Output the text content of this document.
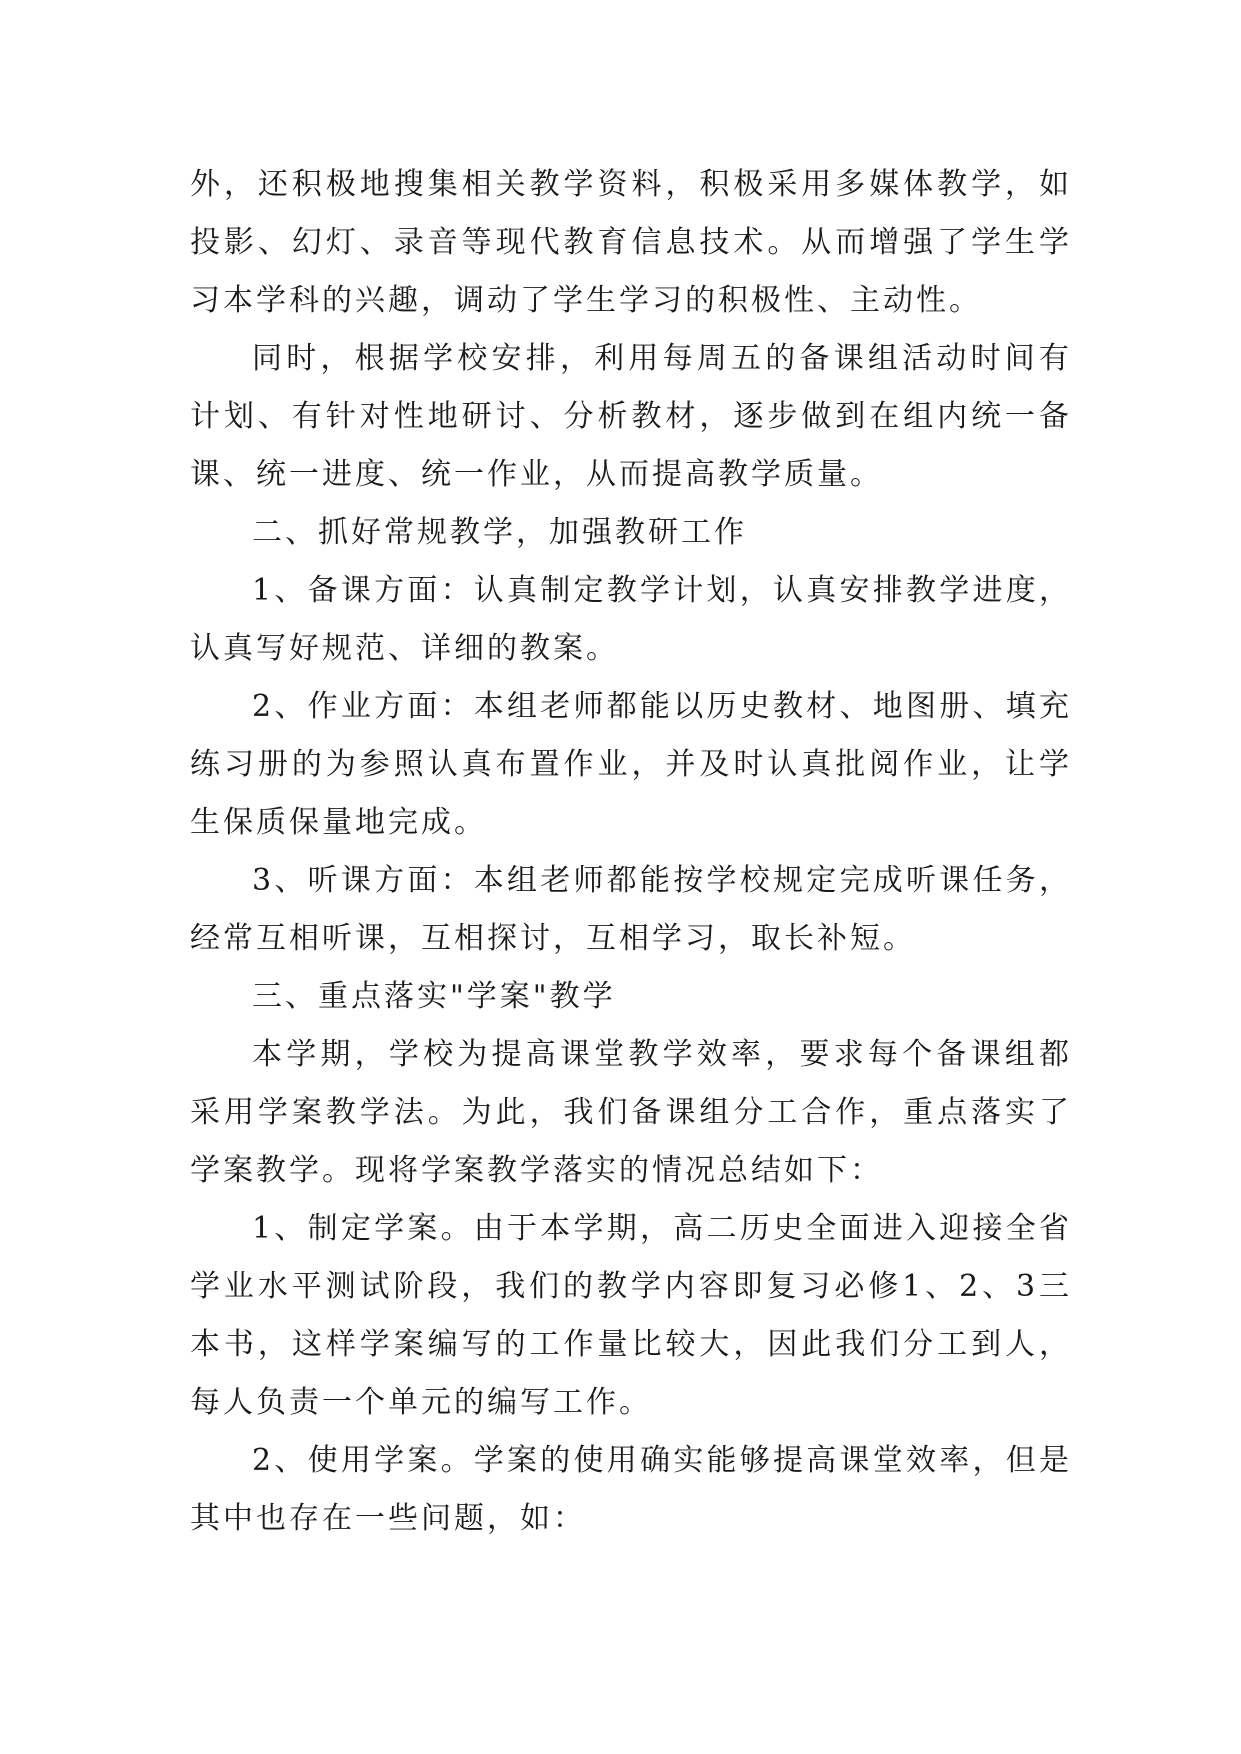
外，还积极地搜集相关教学资料，积极采用多媒体教学，如投影、幻灯、录音等现代教育信息技术。从而增强了学生学习本学科的兴趣，调动了学生学习的积极性、主动性。

同时，根据学校安排，利用每周五的备课组活动时间有计划、有针对性地研讨、分析教材，逐步做到在组内统一备课、统一进度、统一作业，从而提高教学质量。

二、抓好常规教学，加强教研工作

1、备课方面：认真制定教学计划，认真安排教学进度，认真写好规范、详细的教案。

2、作业方面：本组老师都能以历史教材、地图册、填充练习册的为参照认真布置作业，并及时认真批阅作业，让学生保质保量地完成。

3、听课方面：本组老师都能按学校规定完成听课任务，经常互相听课，互相探讨，互相学习，取长补短。

三、重点落实"学案"教学

本学期，学校为提高课堂教学效率，要求每个备课组都采用学案教学法。为此，我们备课组分工合作，重点落实了学案教学。现将学案教学落实的情况总结如下：

1、制定学案。由于本学期，高二历史全面进入迎接全省学业水平测试阶段，我们的教学内容即复习必修1、2、3三本书，这样学案编写的工作量比较大，因此我们分工到人，每人负责一个单元的编写工作。

2、使用学案。学案的使用确实能够提高课堂效率，但是其中也存在一些问题，如：
